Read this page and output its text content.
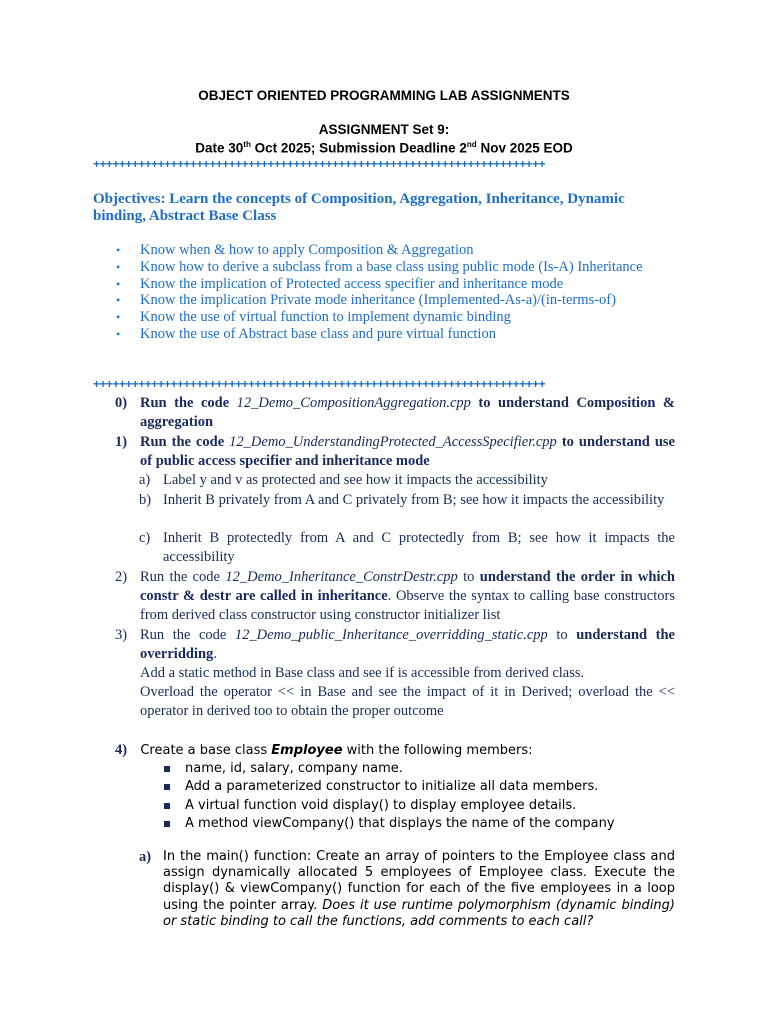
OBJECT ORIENTED PROGRAMMING LAB ASSIGNMENTS
ASSIGNMENT Set 9:
Date 30th Oct 2025; Submission Deadline 2nd Nov 2025 EOD
++++++++++++++++++++++++++++++++++++++++++++++++++++++++++++++++++++++
Objectives: Learn the concepts of Composition, Aggregation, Inheritance, Dynamic binding, Abstract Base Class
• Know when & how to apply Composition & Aggregation
• Know how to derive a subclass from a base class using public mode (Is-A) Inheritance
• Know the implication of Protected access specifier and inheritance mode
• Know the implication Private mode inheritance (Implemented-As-a)/(in-terms-of)
• Know the use of virtual function to implement dynamic binding
• Know the use of Abstract base class and pure virtual function
++++++++++++++++++++++++++++++++++++++++++++++++++++++++++++++++++++++
0) Run the code 12_Demo_CompositionAggregation.cpp to understand Composition & aggregation
1) Run the code 12_Demo_UnderstandingProtected_AccessSpecifier.cpp to understand use of public access specifier and inheritance mode
a) Label y and v as protected and see how it impacts the accessibility
b) Inherit B privately from A and C privately from B; see how it impacts the accessibility
c) Inherit B protectedly from A and C protectedly from B; see how it impacts the accessibility
2) Run the code 12_Demo_Inheritance_ConstrDestr.cpp to understand the order in which constr & destr are called in inheritance. Observe the syntax to calling base constructors from derived class constructor using constructor initializer list
3) Run the code 12_Demo_public_Inheritance_overridding_static.cpp to understand the overridding.
Add a static method in Base class and see if is accessible from derived class.
Overload the operator << in Base and see the impact of it in Derived; overload the << operator in derived too to obtain the proper outcome
4) Create a base class Employee with the following members:
name, id, salary, company name.
Add a parameterized constructor to initialize all data members.
A virtual function void display() to display employee details.
A method viewCompany() that displays the name of the company
a) In the main() function: Create an array of pointers to the Employee class and assign dynamically allocated 5 employees of Employee class. Execute the display() & viewCompany() function for each of the five employees in a loop using the pointer array. Does it use runtime polymorphism (dynamic binding) or static binding to call the functions, add comments to each call?
